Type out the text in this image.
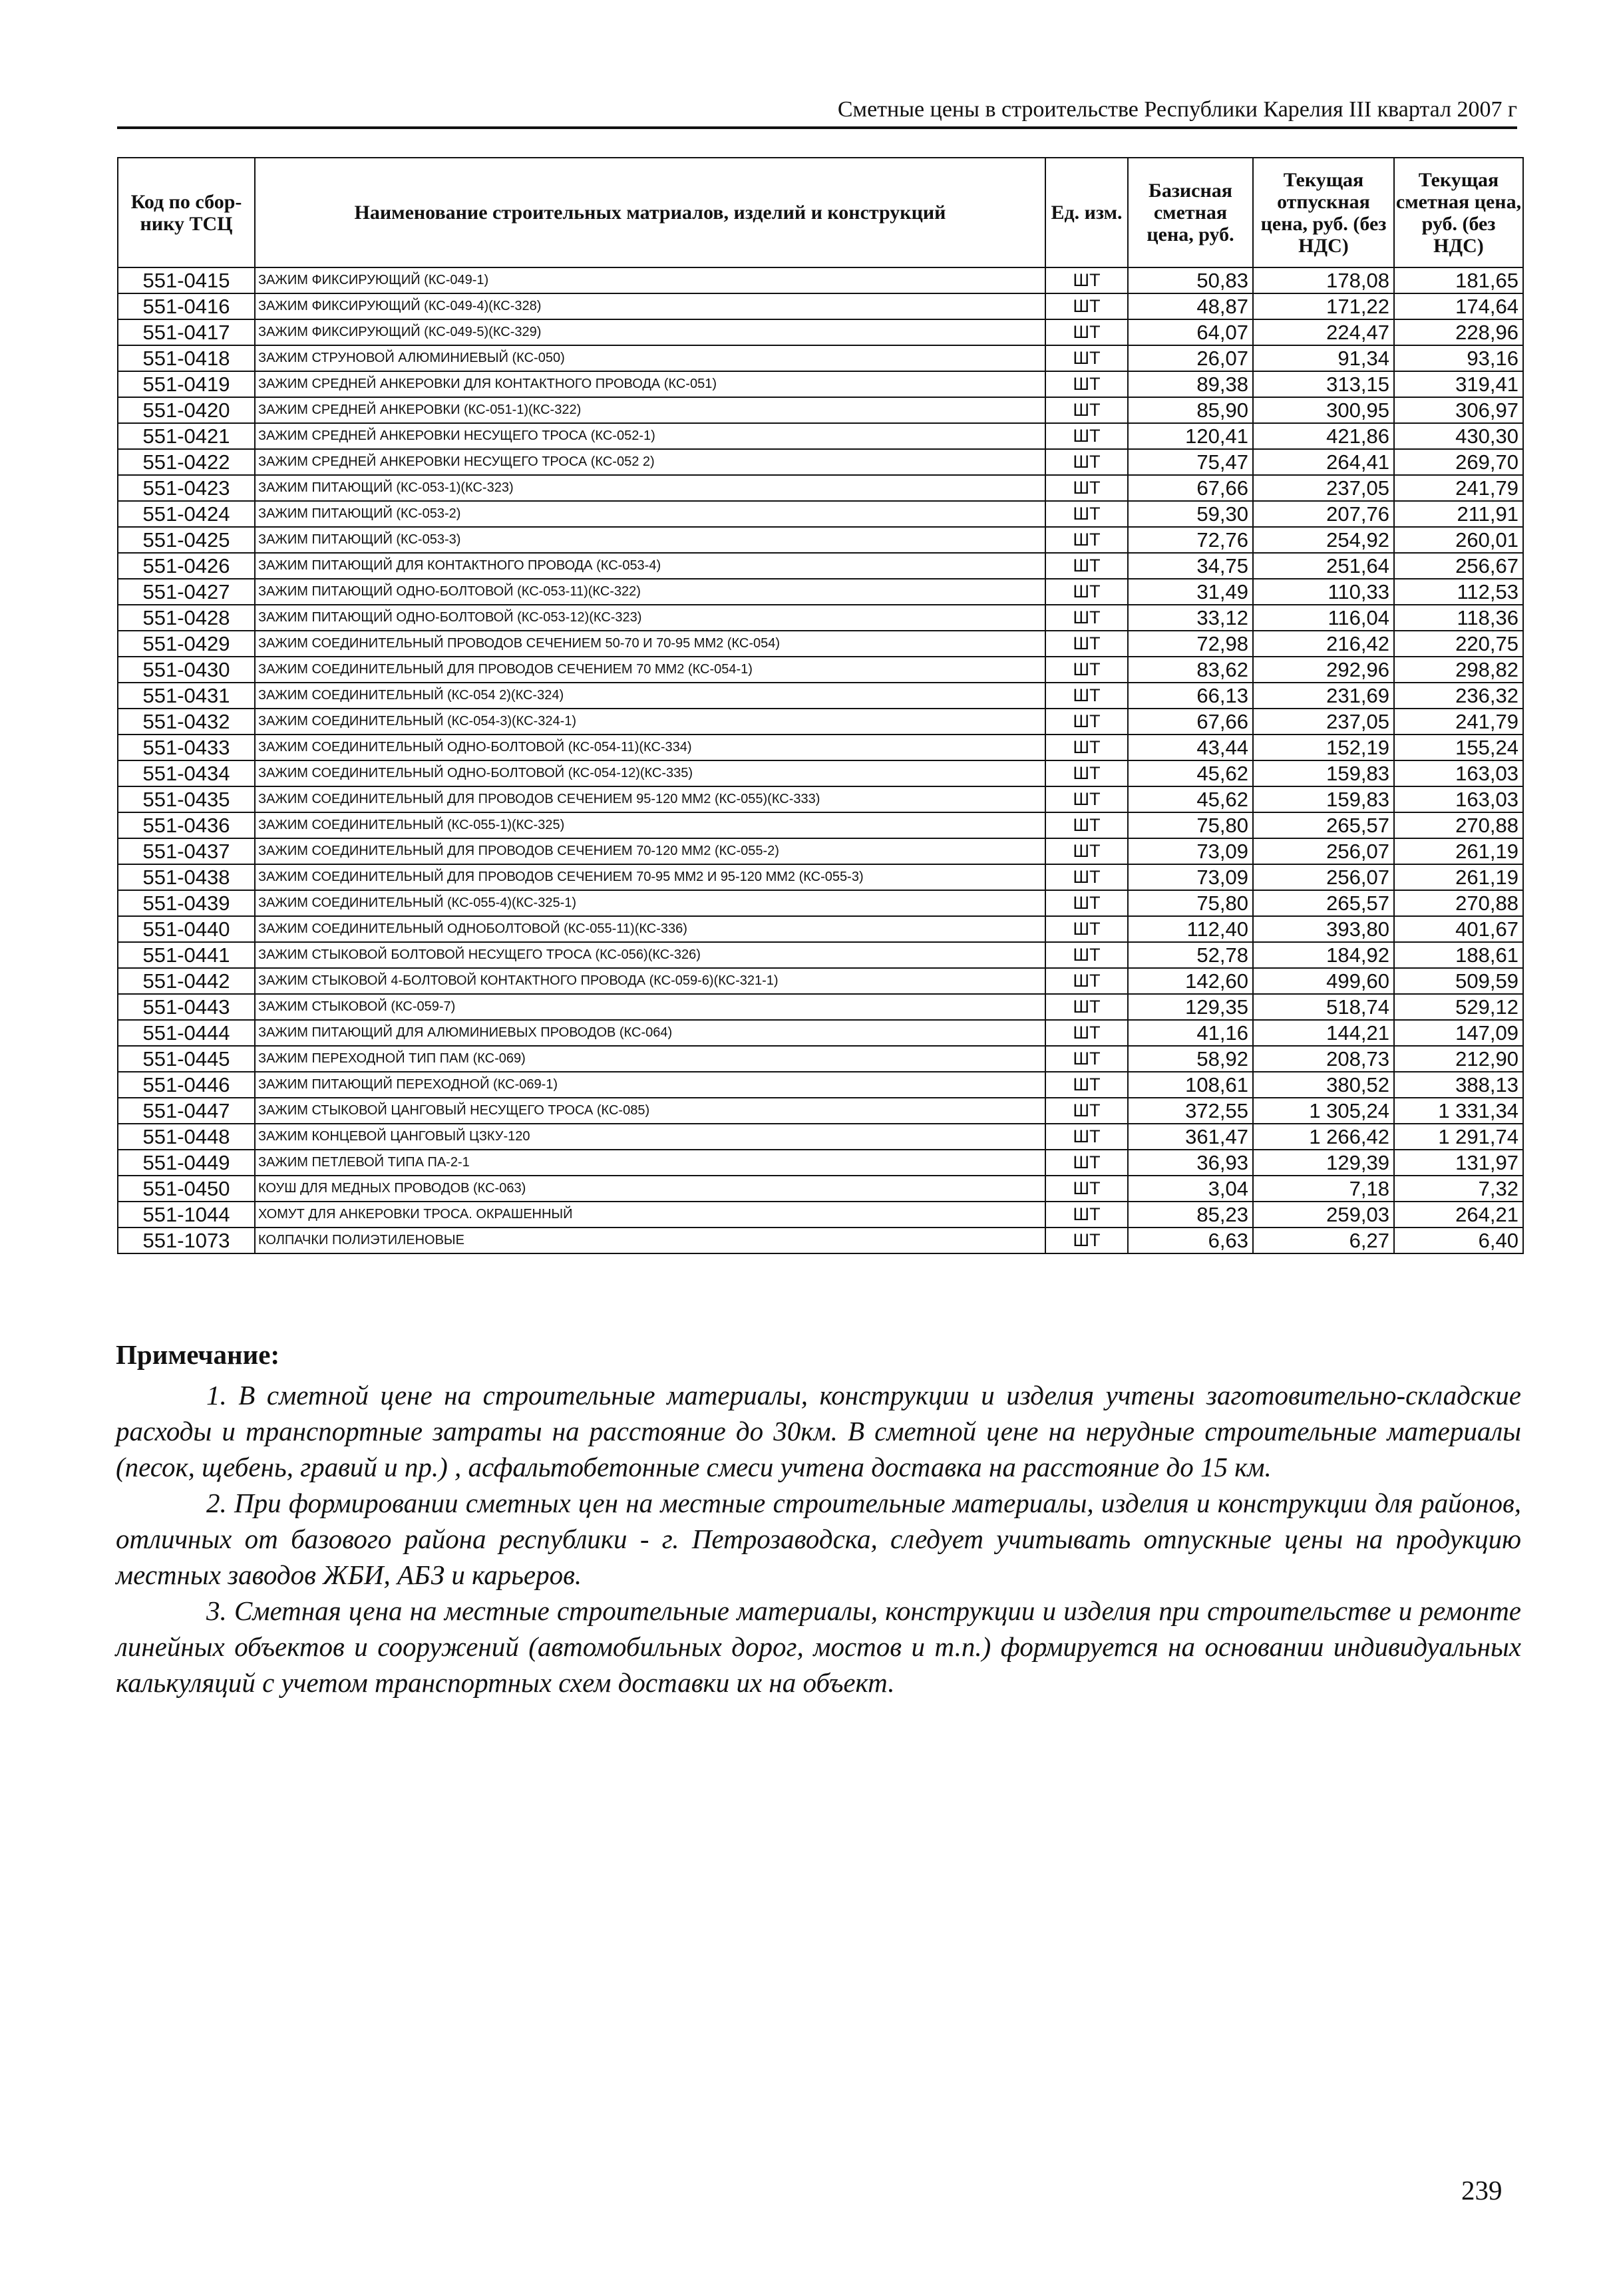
Сметные цены в строительстве Республики Карелия III квартал 2007 г
Код по сбор-нику ТСЦ	Наименование строительных матриалов, изделий и конструкций	Ед. изм.	Базисная сметная цена, руб.	Текущая отпускная цена, руб. (без НДС)	Текущая сметная цена, руб. (без НДС)
551-0415	ЗАЖИМ ФИКСИРУЮЩИЙ (КС-049-1)	ШТ	50,83	178,08	181,65
551-0416	ЗАЖИМ ФИКСИРУЮЩИЙ (КС-049-4)(КС-328)	ШТ	48,87	171,22	174,64
551-0417	ЗАЖИМ ФИКСИРУЮЩИЙ (КС-049-5)(КС-329)	ШТ	64,07	224,47	228,96
551-0418	ЗАЖИМ СТРУНОВОЙ АЛЮМИНИЕВЫЙ (КС-050)	ШТ	26,07	91,34	93,16
551-0419	ЗАЖИМ СРЕДНЕЙ АНКЕРОВКИ ДЛЯ КОНТАКТНОГО ПРОВОДА (КС-051)	ШТ	89,38	313,15	319,41
551-0420	ЗАЖИМ СРЕДНЕЙ АНКЕРОВКИ (КС-051-1)(КС-322)	ШТ	85,90	300,95	306,97
551-0421	ЗАЖИМ СРЕДНЕЙ АНКЕРОВКИ НЕСУЩЕГО ТРОСА (КС-052-1)	ШТ	120,41	421,86	430,30
551-0422	ЗАЖИМ СРЕДНЕЙ АНКЕРОВКИ НЕСУЩЕГО ТРОСА (КС-052 2)	ШТ	75,47	264,41	269,70
551-0423	ЗАЖИМ ПИТАЮЩИЙ (КС-053-1)(КС-323)	ШТ	67,66	237,05	241,79
551-0424	ЗАЖИМ ПИТАЮЩИЙ (КС-053-2)	ШТ	59,30	207,76	211,91
551-0425	ЗАЖИМ ПИТАЮЩИЙ (КС-053-3)	ШТ	72,76	254,92	260,01
551-0426	ЗАЖИМ ПИТАЮЩИЙ ДЛЯ КОНТАКТНОГО ПРОВОДА (КС-053-4)	ШТ	34,75	251,64	256,67
551-0427	ЗАЖИМ ПИТАЮЩИЙ ОДНО-БОЛТОВОЙ (КС-053-11)(КС-322)	ШТ	31,49	110,33	112,53
551-0428	ЗАЖИМ ПИТАЮЩИЙ ОДНО-БОЛТОВОЙ (КС-053-12)(КС-323)	ШТ	33,12	116,04	118,36
551-0429	ЗАЖИМ СОЕДИНИТЕЛЬНЫЙ ПРОВОДОВ СЕЧЕНИЕМ 50-70 И 70-95 ММ2 (КС-054)	ШТ	72,98	216,42	220,75
551-0430	ЗАЖИМ СОЕДИНИТЕЛЬНЫЙ ДЛЯ ПРОВОДОВ СЕЧЕНИЕМ 70 ММ2 (КС-054-1)	ШТ	83,62	292,96	298,82
551-0431	ЗАЖИМ СОЕДИНИТЕЛЬНЫЙ (КС-054 2)(КС-324)	ШТ	66,13	231,69	236,32
551-0432	ЗАЖИМ СОЕДИНИТЕЛЬНЫЙ (КС-054-3)(КС-324-1)	ШТ	67,66	237,05	241,79
551-0433	ЗАЖИМ СОЕДИНИТЕЛЬНЫЙ ОДНО-БОЛТОВОЙ (КС-054-11)(КС-334)	ШТ	43,44	152,19	155,24
551-0434	ЗАЖИМ СОЕДИНИТЕЛЬНЫЙ ОДНО-БОЛТОВОЙ (КС-054-12)(КС-335)	ШТ	45,62	159,83	163,03
551-0435	ЗАЖИМ СОЕДИНИТЕЛЬНЫЙ ДЛЯ ПРОВОДОВ СЕЧЕНИЕМ 95-120 ММ2 (КС-055)(КС-333)	ШТ	45,62	159,83	163,03
551-0436	ЗАЖИМ СОЕДИНИТЕЛЬНЫЙ (КС-055-1)(КС-325)	ШТ	75,80	265,57	270,88
551-0437	ЗАЖИМ СОЕДИНИТЕЛЬНЫЙ ДЛЯ ПРОВОДОВ СЕЧЕНИЕМ 70-120 ММ2 (КС-055-2)	ШТ	73,09	256,07	261,19
551-0438	ЗАЖИМ СОЕДИНИТЕЛЬНЫЙ ДЛЯ ПРОВОДОВ СЕЧЕНИЕМ 70-95 ММ2 И 95-120 ММ2 (КС-055-3)	ШТ	73,09	256,07	261,19
551-0439	ЗАЖИМ СОЕДИНИТЕЛЬНЫЙ (КС-055-4)(КС-325-1)	ШТ	75,80	265,57	270,88
551-0440	ЗАЖИМ СОЕДИНИТЕЛЬНЫЙ ОДНОБОЛТОВОЙ (КС-055-11)(КС-336)	ШТ	112,40	393,80	401,67
551-0441	ЗАЖИМ СТЫКОВОЙ БОЛТОВОЙ НЕСУЩЕГО ТРОСА (КС-056)(КС-326)	ШТ	52,78	184,92	188,61
551-0442	ЗАЖИМ СТЫКОВОЙ 4-БОЛТОВОЙ КОНТАКТНОГО ПРОВОДА (КС-059-6)(КС-321-1)	ШТ	142,60	499,60	509,59
551-0443	ЗАЖИМ СТЫКОВОЙ (КС-059-7)	ШТ	129,35	518,74	529,12
551-0444	ЗАЖИМ ПИТАЮЩИЙ ДЛЯ АЛЮМИНИЕВЫХ ПРОВОДОВ (КС-064)	ШТ	41,16	144,21	147,09
551-0445	ЗАЖИМ ПЕРЕХОДНОЙ ТИП ПАМ (КС-069)	ШТ	58,92	208,73	212,90
551-0446	ЗАЖИМ ПИТАЮЩИЙ ПЕРЕХОДНОЙ (КС-069-1)	ШТ	108,61	380,52	388,13
551-0447	ЗАЖИМ СТЫКОВОЙ ЦАНГОВЫЙ НЕСУЩЕГО ТРОСА (КС-085)	ШТ	372,55	1 305,24	1 331,34
551-0448	ЗАЖИМ КОНЦЕВОЙ ЦАНГОВЫЙ ЦЗКУ-120	ШТ	361,47	1 266,42	1 291,74
551-0449	ЗАЖИМ ПЕТЛЕВОЙ ТИПА ПА-2-1	ШТ	36,93	129,39	131,97
551-0450	КОУШ ДЛЯ МЕДНЫХ ПРОВОДОВ (КС-063)	ШТ	3,04	7,18	7,32
551-1044	ХОМУТ ДЛЯ АНКЕРОВКИ ТРОСА. ОКРАШЕННЫЙ	ШТ	85,23	259,03	264,21
551-1073	КОЛПАЧКИ ПОЛИЭТИЛЕНОВЫЕ	ШТ	6,63	6,27	6,40

Примечание:

1. В сметной цене на строительные материалы, конструкции и изделия учтены заготовительно-складские расходы и транспортные затраты на расстояние до 30км. В сметной цене на нерудные строительные материалы (песок, щебень, гравий и пр.) , асфальтобетонные смеси учтена доставка на расстояние до 15 км.

2. При формировании сметных цен на местные строительные материалы, изделия и конструкции для районов, отличных от базового района республики - г. Петрозаводска, следует учитывать отпускные цены на продукцию местных заводов ЖБИ, АБЗ и карьеров.

3. Сметная цена на местные строительные материалы, конструкции и изделия при строительстве и ремонте линейных объектов и сооружений (автомобильных дорог, мостов и т.п.) формируется на основании индивидуальных калькуляций с учетом транспортных схем доставки их на объект.

239
